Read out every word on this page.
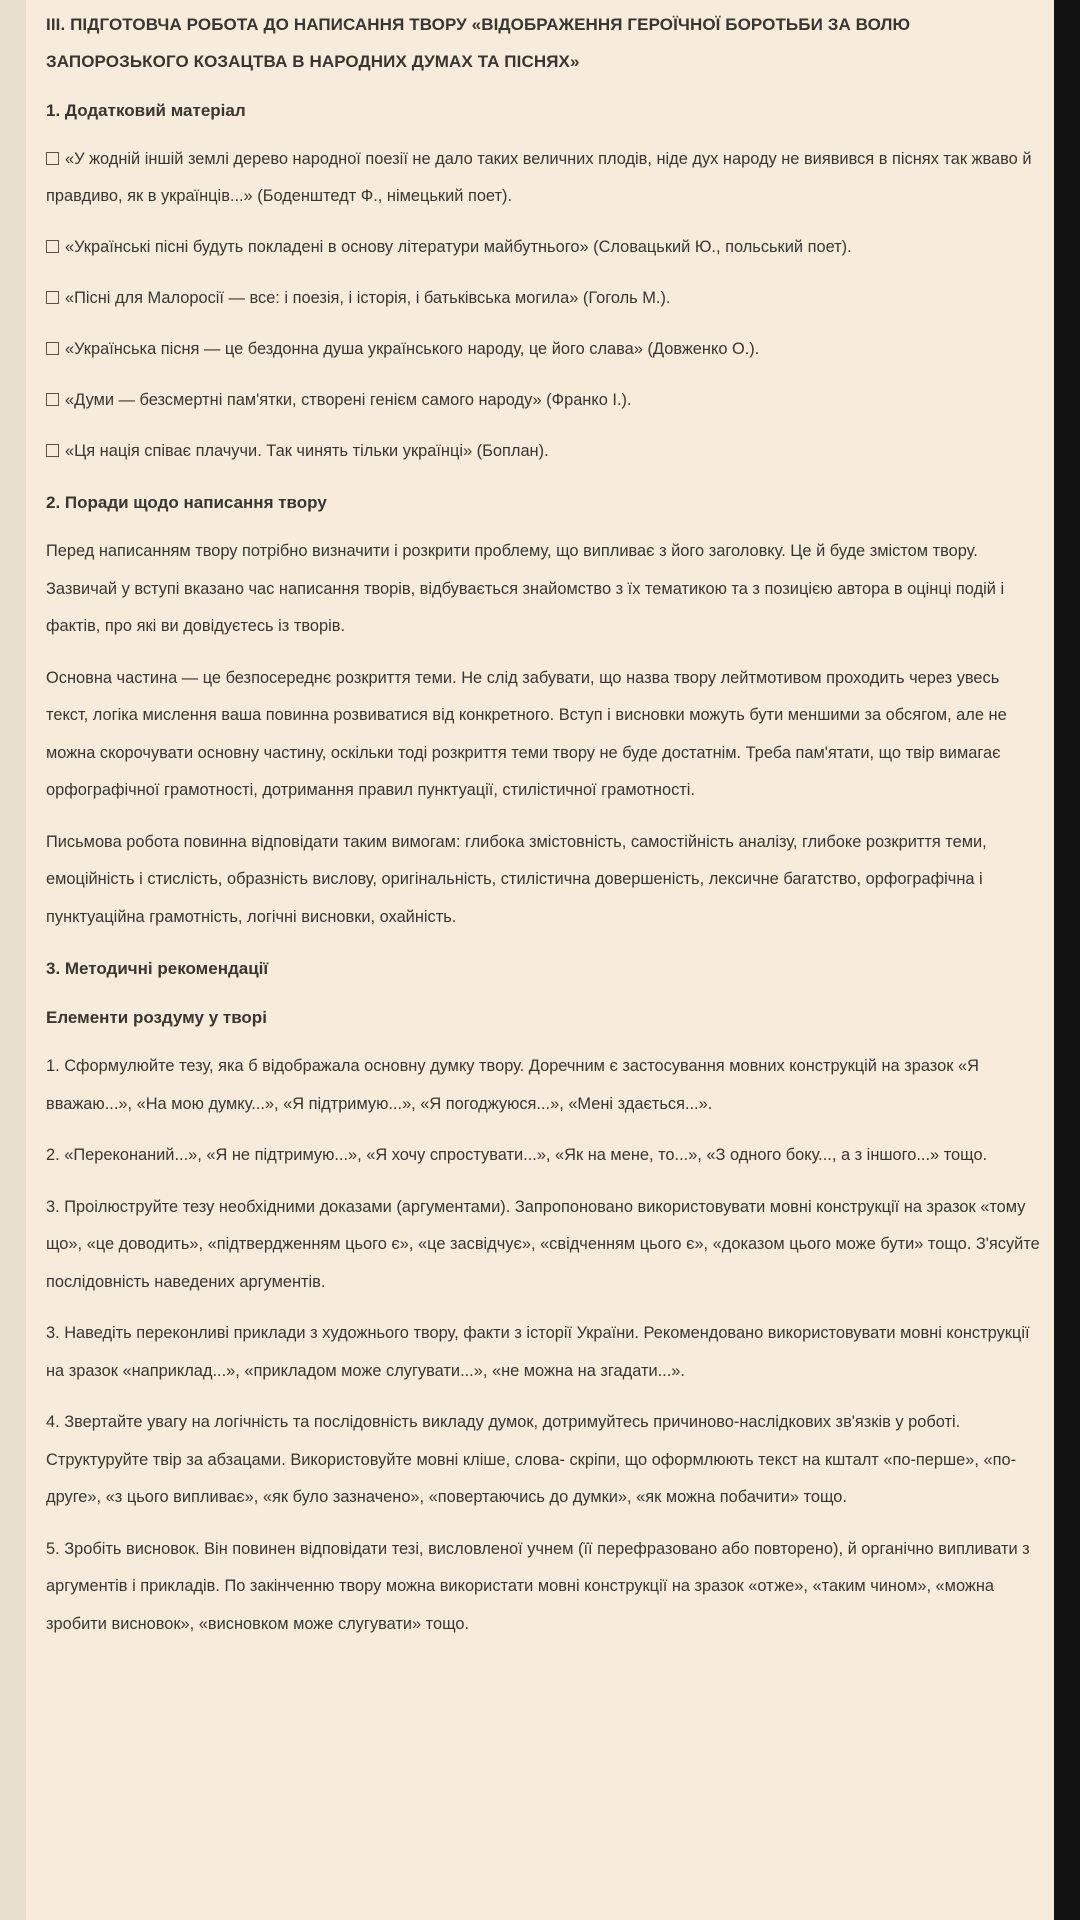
ІІІ. ПІДГОТОВЧА РОБОТА ДО НАПИСАННЯ ТВОРУ «ВІДОБРАЖЕННЯ ГЕРОЇЧНОЇ БОРОТЬБИ ЗА ВОЛЮ ЗАПОРОЗЬКОГО КОЗАЦТВА В НАРОДНИХ ДУМАХ ТА ПІСНЯХ»
1. Додатковий матеріал
«У жодній іншій землі дерево народної поезії не дало таких величних плодів, ніде дух народу не виявився в піснях так жваво й правдиво, як в українців...» (Боденштедт Ф., німецький поет).
«Українські пісні будуть покладені в основу літератури майбутнього» (Словацький Ю., польський поет).
«Пісні для Малоросії — все: і поезія, і історія, і батьківська могила» (Гоголь М.).
«Українська пісня — це бездонна душа українського народу, це його слава» (Довженко О.).
«Думи — безсмертні пам'ятки, створені генієм самого народу» (Франко І.).
«Ця нація співає плачучи. Так чинять тільки українці» (Боплан).
2. Поради щодо написання твору

Перед написанням твору потрібно визначити і розкрити проблему, що випливає з його заголовку. Це й буде змістом твору. Зазвичай у вступі вказано час написання творів, відбувається знайомство з їх тематикою та з позицією автора в оцінці подій і фактів, про які ви довідуєтесь із творів.

Основна частина — це безпосереднє розкриття теми. Не слід забувати, що назва твору лейтмотивом проходить через увесь текст, логіка мислення ваша повинна розвиватися від конкретного. Вступ і висновки можуть бути меншими за обсягом, але не можна скорочувати основну частину, оскільки тоді розкриття теми твору не буде достатнім. Треба пам'ятати, що твір вимагає орфографічної грамотності, дотримання правил пунктуації, стилістичної грамотності.

Письмова робота повинна відповідати таким вимогам: глибока змістовність, самостійність аналізу, глибоке розкриття теми, емоційність і стислість, образність вислову, оригінальність, стилістична довершеність, лексичне багатство, орфографічна і пунктуаційна грамотність, логічні висновки, охайність.

3. Методичні рекомендації
Елементи роздуму у творі

1. Сформулюйте тезу, яка б відображала основну думку твору. Доречним є застосування мовних конструкцій на зразок «Я вважаю...», «На мою думку...», «Я підтримую...», «Я погоджуюся...», «Мені здається...».

2. «Переконаний...», «Я не підтримую...», «Я хочу спростувати...», «Як на мене, то...», «З одного боку..., а з іншого...» тощо.

3. Проілюструйте тезу необхідними доказами (аргументами). Запропоновано використовувати мовні конструкції на зразок «тому що», «це доводить», «підтвердженням цього є», «це засвідчує», «свідченням цього є», «доказом цього може бути» тощо. З'ясуйте послідовність наведених аргументів.

3. Наведіть переконливі приклади з художнього твору, факти з історії України. Рекомендовано використовувати мовні конструкції на зразок «наприклад...», «прикладом може слугувати...», «не можна на згадати...».

4. Звертайте увагу на логічність та послідовність викладу думок, дотримуйтесь причиново-наслідкових зв'язків у роботі. Структуруйте твір за абзацами. Використовуйте мовні кліше, слова- скріпи, що оформлюють текст на кшталт «по-перше», «по-друге», «з цього випливає», «як було зазначено», «повертаючись до думки», «як можна побачити» тощо.

5. Зробіть висновок. Він повинен відповідати тезі, висловленої учнем (її перефразовано або повторено), й органічно випливати з аргументів і прикладів. По закінченню твору можна використати мовні конструкції на зразок «отже», «таким чином», «можна зробити висновок», «висновком може слугувати» тощо.
